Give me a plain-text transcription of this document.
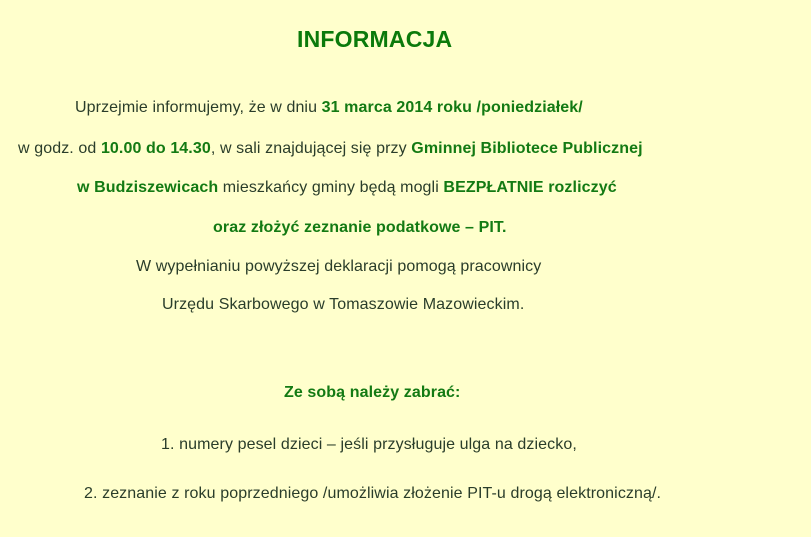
INFORMACJA
Uprzejmie informujemy, że w dniu 31 marca 2014 roku /poniedziałek/
w godz. od 10.00 do 14.30, w sali znajdującej się przy Gminnej Bibliotece Publicznej
w Budziszewicach mieszkańcy gminy będą mogli BEZPŁATNIE rozliczyć
oraz złożyć zeznanie podatkowe – PIT.
W wypełnianiu powyższej deklaracji pomogą pracownicy
Urzędu Skarbowego w Tomaszowie Mazowieckim.
Ze sobą należy zabrać:
1. numery pesel dzieci – jeśli przysługuje ulga na dziecko,
2. zeznanie z roku poprzedniego /umożliwia złożenie PIT-u drogą elektroniczną/.
